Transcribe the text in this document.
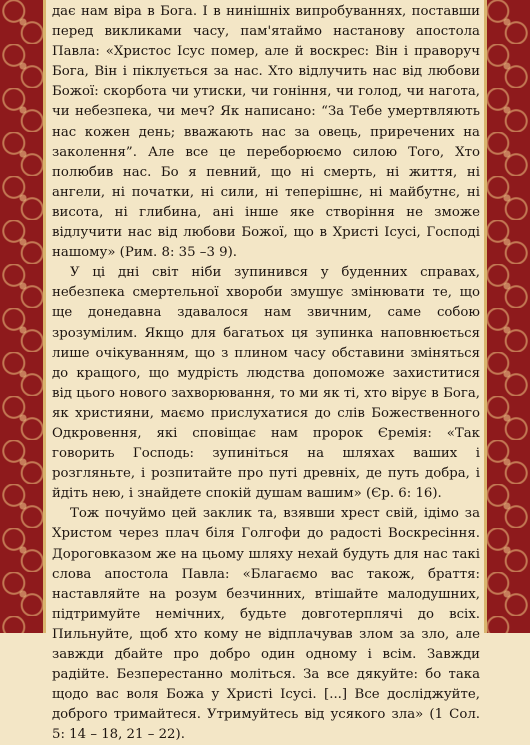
дає нам віра в Бога. І в нинішніх випробуваннях, поставши перед викликами часу, пам'ятаймо настанову апостола Павла: «Христос Ісус помер, але й воскрес: Він і праворуч Бога, Він і піклується за нас. Хто відлучить нас від любови Божої: скорбота чи утиски, чи гоніння, чи голод, чи нагота, чи небезпека, чи меч? Як написано: “За Тебе умертвляють нас кожен день; вважають нас за овець, приречених на заколення”. Але все це переборюємо силою Того, Хто полюбив нас. Бо я певний, що ні смерть, ні життя, ні ангели, ні початки, ні сили, ні теперішнє, ні майбутнє, ні висота, ні глибина, ані інше яке створіння не зможе відлучити нас від любови Божої, що в Христі Ісусі, Господі нашому» (Рим. 8: 35 –3 9).

У ці дні світ ніби зупинився у буденних справах, небезпека смертельної хвороби змушує змінювати те, що ще донедавна здавалося нам звичним, саме собою зрозумілим. Якщо для багатьох ця зупинка наповнюється лише очікуванням, що з плином часу обставини зміняться до кращого, що мудрість людства допоможе захиститися від цього нового захворювання, то ми як ті, хто вірує в Бога, як християни, маємо прислухатися до слів Божественного Одкровення, які сповіщає нам пророк Єремія: «Так говорить Господь: зупиніться на шляхах ваших і розгляньте, і розпитайте про путі древніх, де путь добра, і йдіть нею, і знайдете спокій душам вашим» (Єр. 6: 16).

Тож почуймо цей заклик та, взявши хрест свій, ідімо за Христом через плач біля Голгофи до радості Воскресіння. Дороговказом же на цьому шляху нехай будуть для нас такі слова апостола Павла: «Благаємо вас також, браття: наставляйте на розум безчинних, втішайте малодушних, підтримуйте немічних, будьте довготерплячі до всіх. Пильнуйте, щоб хто кому не відплачував злом за зло, але завжди дбайте про добро один одному і всім. Завжди радійте. Безперестанно моліться. За все дякуйте: бо така щодо вас воля Божа у Христі Ісусі. [...] Все досліджуйте, доброго тримайтеся. Утримуйтесь від усякого зла» (1 Сол. 5: 14 – 18, 21 – 22).
